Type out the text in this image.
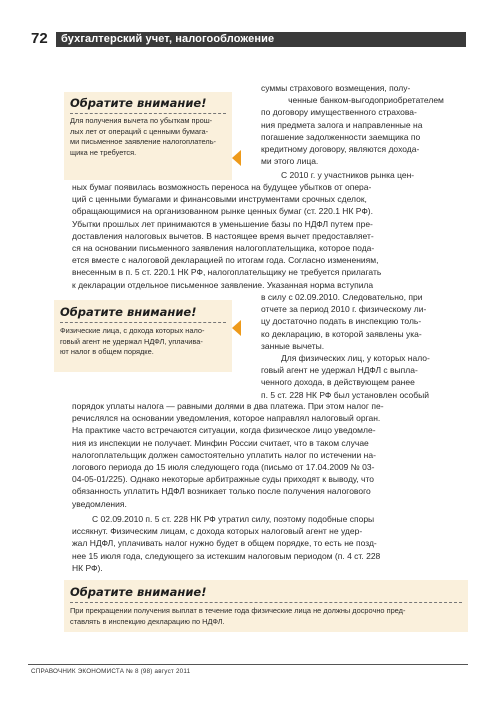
72 бухгалтерский учет, налогообложение
Обратите внимание!
Для получения вычета по убыткам прош-
лых лет от операций с ценными бумага-
ми письменное заявление налогоплатель-
щика не требуется.
суммы страхового возмещения, полу-
ченные банком-выгодоприобретателем
по договору имущественного страхова-
ния предмета залога и направленные на
погашение задолженности заемщика по
кредитному договору, являются доходa-
ми этого лица.
С 2010 г. у участников рынка цен-
ных бумаг появилась возможность переноса на будущее убытков от опера-
ций с ценными бумагами и финансовыми инструментами срочных сделок,
обращающимися на организованном рынке ценных бумаг (ст. 220.1 НК РФ).
Убытки прошлых лет принимаются в уменьшение базы по НДФЛ путем пре-
доставления налоговых вычетов. В настоящее время вычет предоставляет-
ся на основании письменного заявления налогоплательщика, которое пода-
ется вместе с налоговой декларацией по итогам года. Согласно изменениям,
внесенным в п. 5 ст. 220.1 НК РФ, налогоплательщику не требуется прилагать
к декларации отдельное письменное заявление. Указанная норма вступила
Обратите внимание!
Физические лица, с дохода которых нало-
говый агент не удержал НДФЛ, уплачива-
ют налог в общем порядке.
в силу с 02.09.2010. Следовательно, при
отчете за период 2010 г. физическому ли-
цу достаточно подать в инспекцию толь-
ко декларацию, в которой заявлены ука-
занные вычеты.
Для физических лиц, у которых нало-
говый агент не удержал НДФЛ с выпла-
ченного дохода, в действующем ранее
п. 5 ст. 228 НК РФ был установлен особый
порядок уплаты налога — равными долями в два платежа. При этом налог пе-
речислялся на основании уведомления, которое направлял налоговый орган.
На практике часто встречаются ситуации, когда физическое лицо уведомле-
ния из инспекции не получает. Минфин России считает, что в таком случае
налогоплательщик должен самостоятельно уплатить налог по истечении на-
логового периода до 15 июля следующего года (письмо от 17.04.2009 № 03-
04-05-01/225). Однако некоторые арбитражные суды приходят к выводу, что
обязанность уплатить НДФЛ возникает только после получения налогового
уведомления.
С 02.09.2010 п. 5 ст. 228 НК РФ утратил силу, поэтому подобные споры
иссякнут. Физическим лицам, с дохода которых налоговый агент не удер-
жал НДФЛ, уплачивать налог нужно будет в общем порядке, то есть не позд-
нее 15 июля года, следующего за истекшим налоговым периодом (п. 4 ст. 228
НК РФ).
Обратите внимание!
При прекращении получения выплат в течение года физические лица не должны досрочно пред-
ставлять в инспекцию декларацию по НДФЛ.
СПРАВОЧНИК ЭКОНОМИСТА № 8 (98) август 2011
